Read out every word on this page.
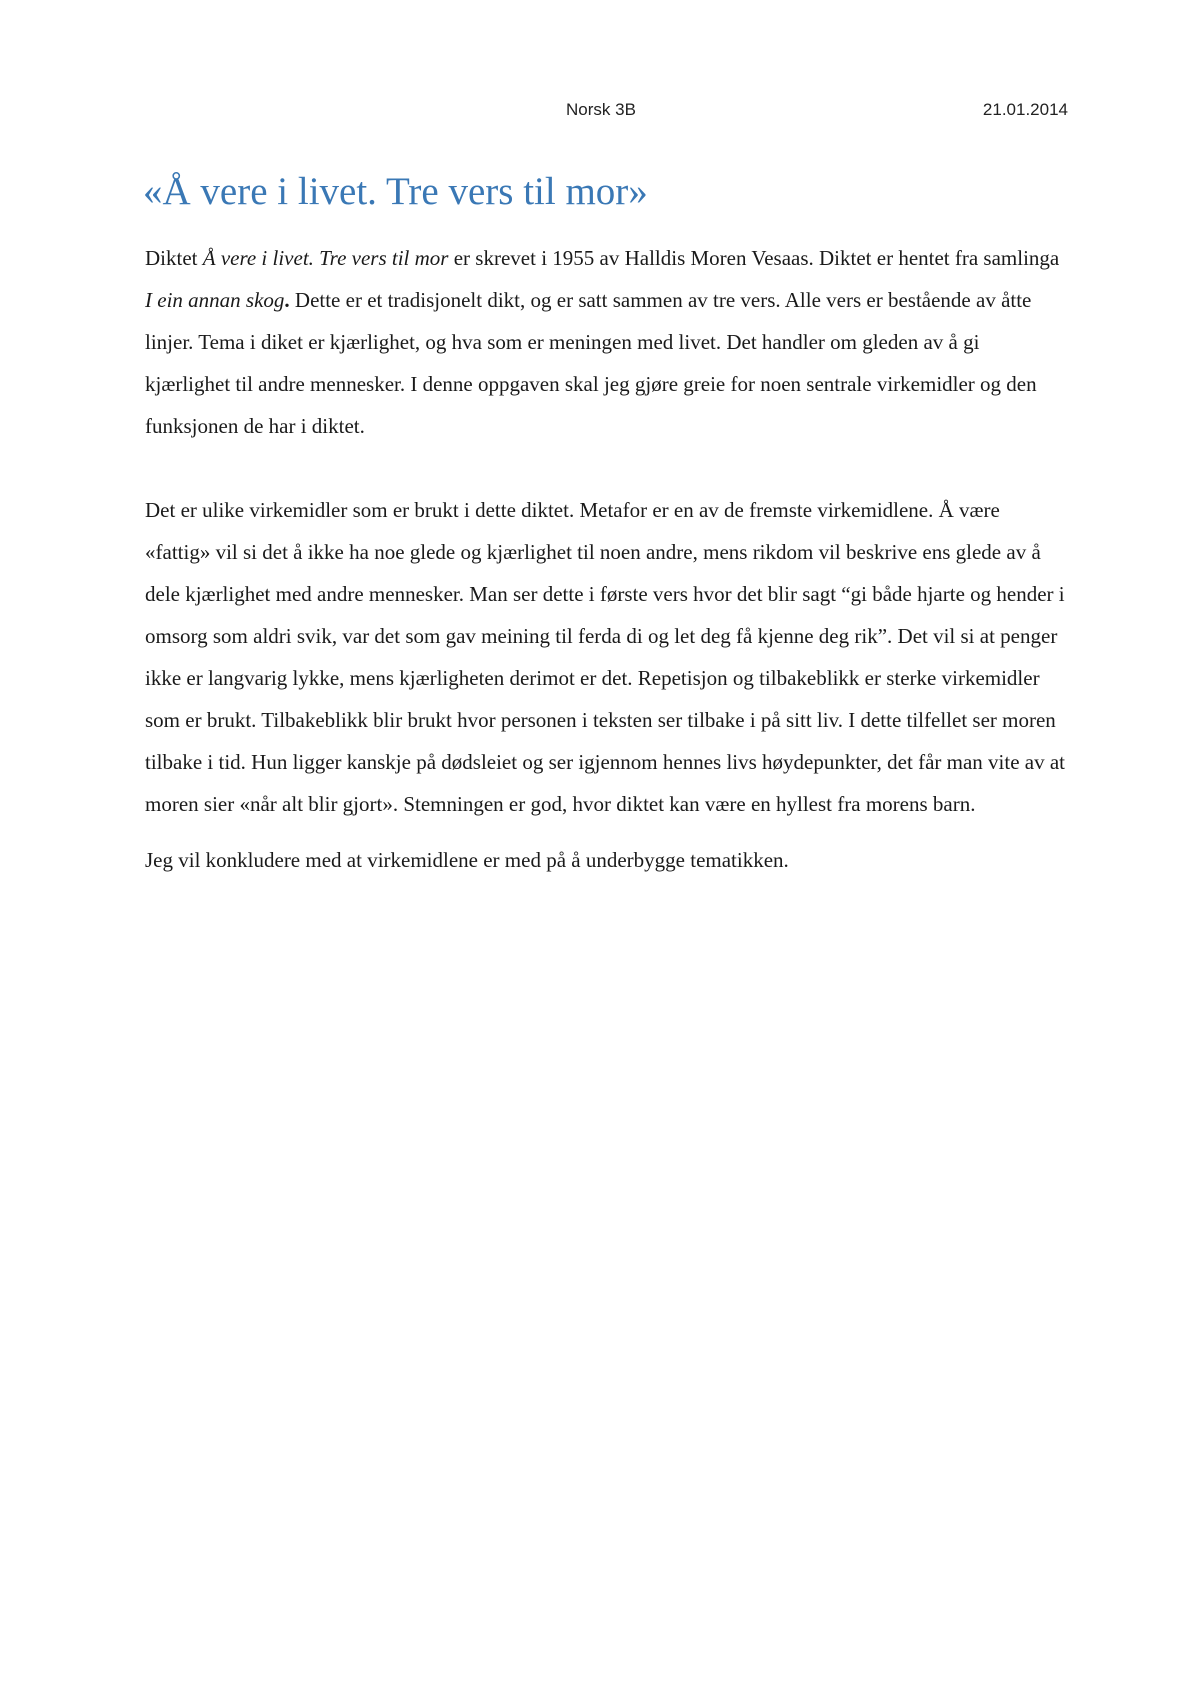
Norsk 3B	21.01.2014
«Å vere i livet. Tre vers til mor»

Diktet Å vere i livet. Tre vers til mor er skrevet i 1955 av Halldis Moren Vesaas. Diktet er hentet fra samlinga I ein annan skog. Dette er et tradisjonelt dikt, og er satt sammen av tre vers. Alle vers er bestående av åtte linjer. Tema i diket er kjærlighet, og hva som er meningen med livet. Det handler om gleden av å gi kjærlighet til andre mennesker. I denne oppgaven skal jeg gjøre greie for noen sentrale virkemidler og den funksjonen de har i diktet.

Det er ulike virkemidler som er brukt i dette diktet. Metafor er en av de fremste virkemidlene. Å være «fattig» vil si det å ikke ha noe glede og kjærlighet til noen andre, mens rikdom vil beskrive ens glede av å dele kjærlighet med andre mennesker. Man ser dette i første vers hvor det blir sagt “gi både hjarte og hender i omsorg som aldri svik, var det som gav meining til ferda di og let deg få kjenne deg rik”. Det vil si at penger ikke er langvarig lykke, mens kjærligheten derimot er det. Repetisjon og tilbakeblikk er sterke virkemidler som er brukt. Tilbakeblikk blir brukt hvor personen i teksten ser tilbake i på sitt liv. I dette tilfellet ser moren tilbake i tid. Hun ligger kanskje på dødsleiet og ser igjennom hennes livs høydepunkter, det får man vite av at moren sier «når alt blir gjort». Stemningen er god, hvor diktet kan være en hyllest fra morens barn.

Jeg vil konkludere med at virkemidlene er med på å underbygge tematikken.
